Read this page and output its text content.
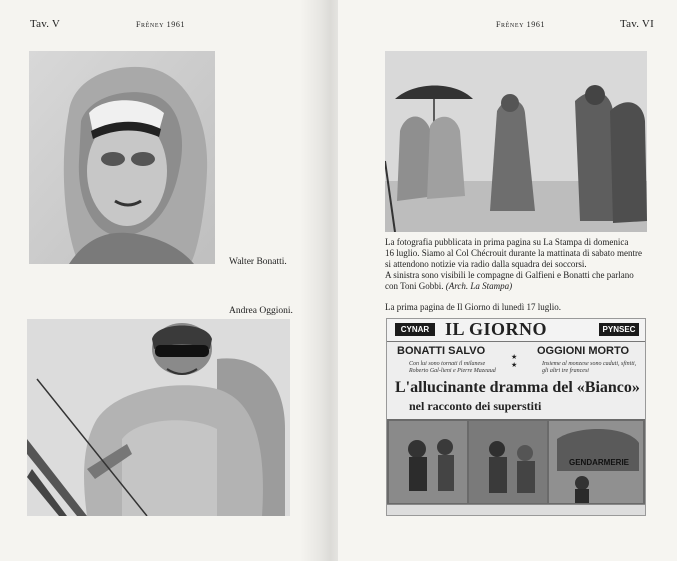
Tav. V	Frêney 1961
Walter Bonatti.
Andrea Oggioni.
Frêney 1961	Tav. VI
La fotografia pubblicata in prima pagina su La Stampa di domenica
16 luglio. Siamo al Col Chécrouit durante la mattinata di sabato mentre
si attendono notizie via radio dalla squadra dei soccorsi.
A sinistra sono visibili le compagne di Galfieni e Bonatti che parlano
con Toni Gobbi. (Arch. La Stampa)
La prima pagina de Il Giorno di lunedì 17 luglio.
CYNAR IL GIORNO	PYNSEC
BONATTI SALVO	OGGIONI MORTO
★
★
Con lui sono tornati il milanese Roberto Gal-lieni e Pierre Mazeaud
Insieme al monzese sono caduti, sfiniti, gli altri tre francesi
L'allucinante dramma del «Bianco»
nel racconto dei superstiti
GENDARMERIE
